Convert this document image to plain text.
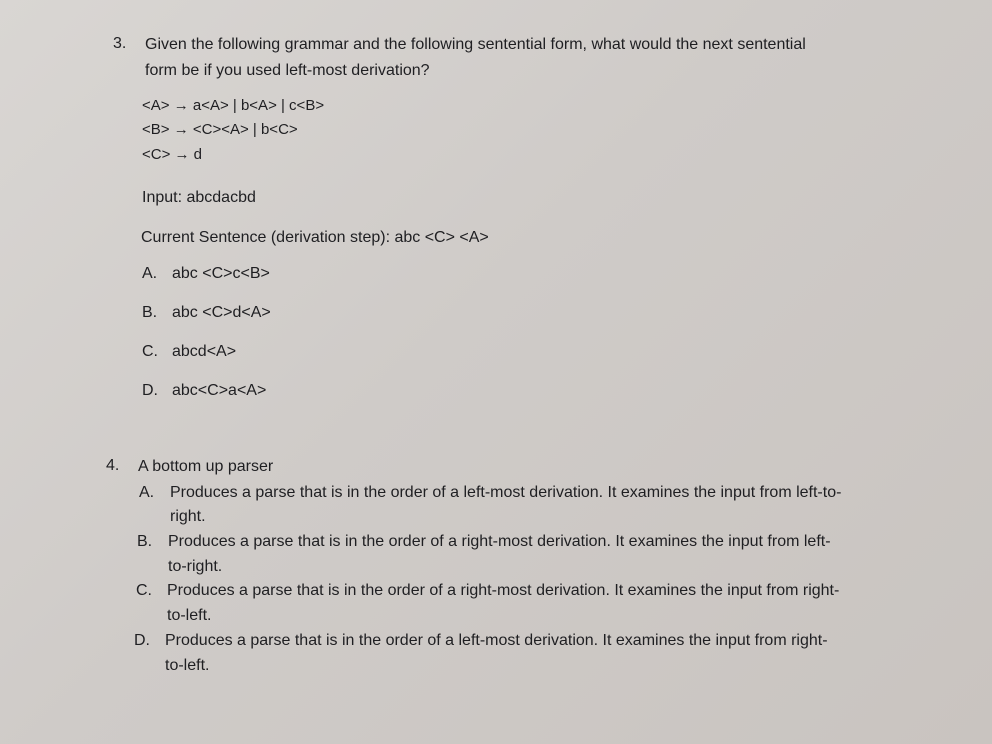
3. Given the following grammar and the following sentential form, what would the next sentential
form be if you used left-most derivation?
<A> → a<A> | b<A> | c<B>
<B> → <C><A> | b<C>
<C> → d
Input: abcdacbd
Current Sentence (derivation step): abc <C> <A>
A. abc <C>c<B>
B. abc <C>d<A>
C. abcd<A>
D. abc<C>a<A>
4. A bottom up parser
A. Produces a parse that is in the order of a left-most derivation. It examines the input from left-to-
right.
B. Produces a parse that is in the order of a right-most derivation. It examines the input from left-
to-right.
C. Produces a parse that is in the order of a right-most derivation. It examines the input from right-
to-left.
D. Produces a parse that is in the order of a left-most derivation. It examines the input from right-
to-left.
